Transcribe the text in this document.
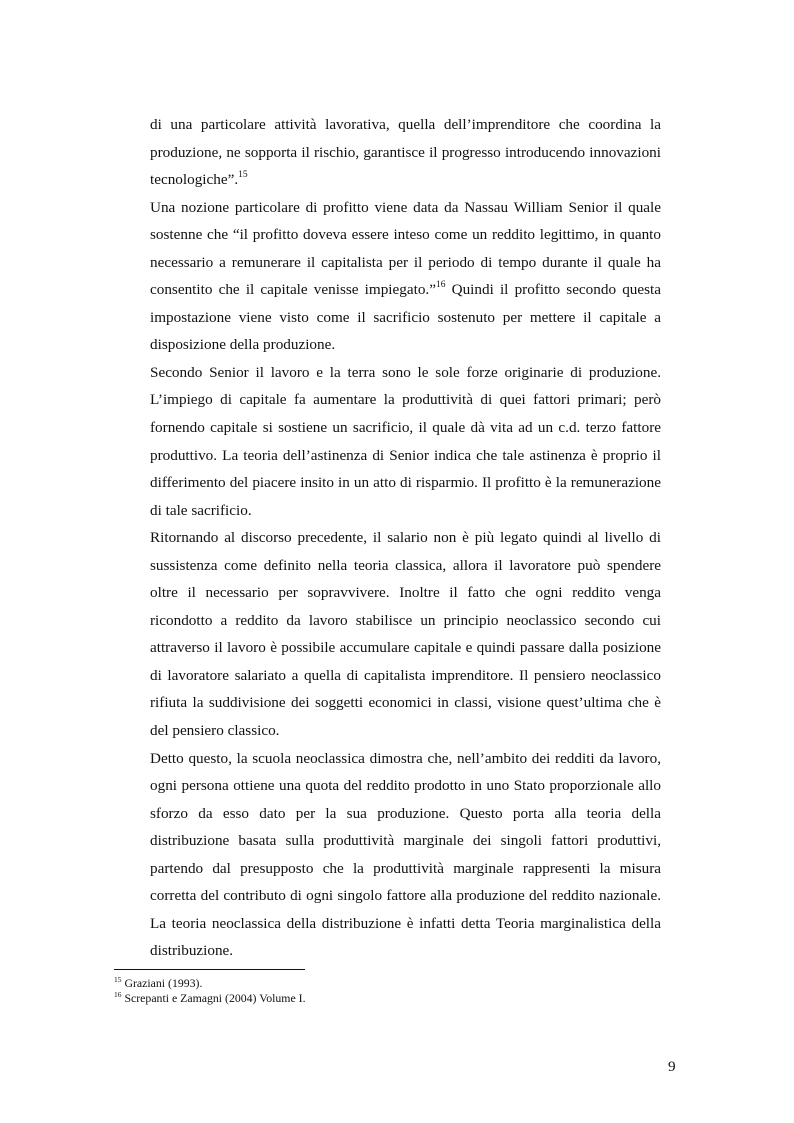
di una particolare attività lavorativa, quella dell’imprenditore che coordina la produzione, ne sopporta il rischio, garantisce il progresso introducendo innovazioni tecnologiche”.$^{15}$

Una nozione particolare di profitto viene data da Nassau William Senior il quale sostenne che “il profitto doveva essere inteso come un reddito legittimo, in quanto necessario a remunerare il capitalista per il periodo di tempo durante il quale ha consentito che il capitale venisse impiegato.”$^{16}$ Quindi il profitto secondo questa impostazione viene visto come il sacrificio sostenuto per mettere il capitale a disposizione della produzione.

Secondo Senior il lavoro e la terra sono le sole forze originarie di produzione. L’impiego di capitale fa aumentare la produttività di quei fattori primari; però fornendo capitale si sostiene un sacrificio, il quale dà vita ad un c.d. terzo fattore produttivo. La teoria dell’astinenza di Senior indica che tale astinenza è proprio il differimento del piacere insito in un atto di risparmio. Il profitto è la remunerazione di tale sacrificio.

Ritornando al discorso precedente, il salario non è più legato quindi al livello di sussistenza come definito nella teoria classica, allora il lavoratore può spendere oltre il necessario per sopravvivere. Inoltre il fatto che ogni reddito venga ricondotto a reddito da lavoro stabilisce un principio neoclassico secondo cui attraverso il lavoro è possibile accumulare capitale e quindi passare dalla posizione di lavoratore salariato a quella di capitalista imprenditore. Il pensiero neoclassico rifiuta la suddivisione dei soggetti economici in classi, visione quest’ultima che è del pensiero classico.

Detto questo, la scuola neoclassica dimostra che, nell’ambito dei redditi da lavoro, ogni persona ottiene una quota del reddito prodotto in uno Stato proporzionale allo sforzo da esso dato per la sua produzione. Questo porta alla teoria della distribuzione basata sulla produttività marginale dei singoli fattori produttivi, partendo dal presupposto che la produttività marginale rappresenti la misura corretta del contributo di ogni singolo fattore alla produzione del reddito nazionale. La teoria neoclassica della distribuzione è infatti detta Teoria marginalistica della distribuzione.

$^{15}$ Graziani (1993).

$^{16}$ Screpanti e Zamagni (2004) Volume I.

9
